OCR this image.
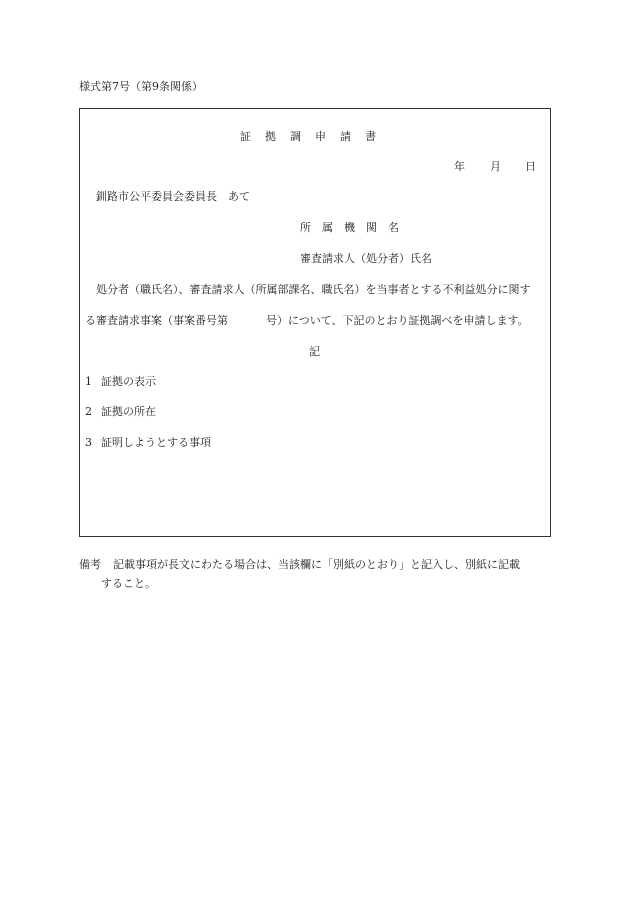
様式第7号（第9条関係）
証拠調申請書
年 月 日
釧路市公平委員会委員長　あて
所属機関名
審査請求人（処分者）氏名
処分者（職氏名）、審査請求人（所属部課名、職氏名）を当事者とする不利益処分に関す
る審査請求事案（事案番号第	号）について、下記のとおり証拠調べを申請します。
記
1 証拠の表示
2 証拠の所在
3 証明しようとする事項
備考 記載事項が長文にわたる場合は、当該欄に「別紙のとおり」と記入し、別紙に記載
すること。
